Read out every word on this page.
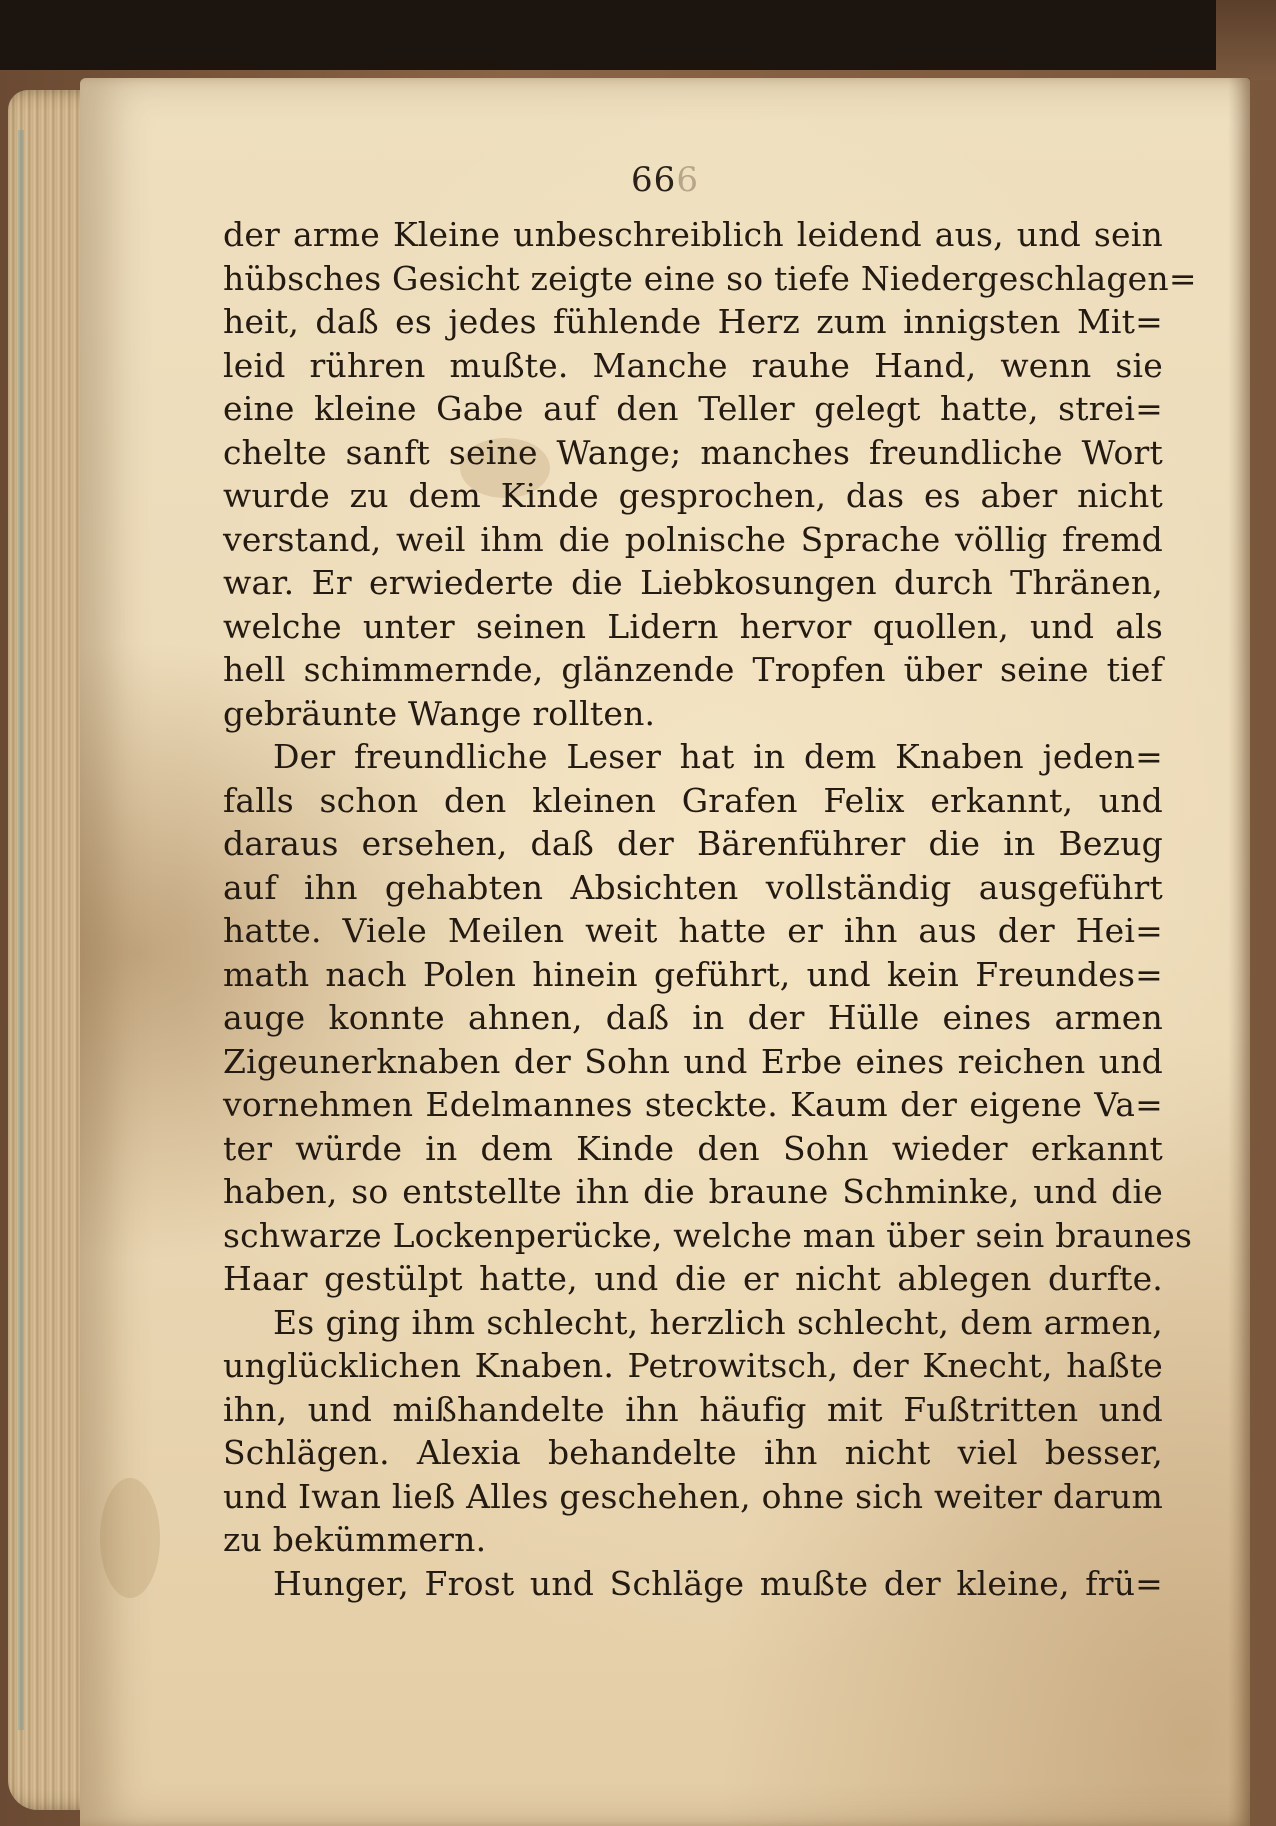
666
der arme Kleine unbeschreiblich leidend aus, und sein
hübsches Gesicht zeigte eine so tiefe Niedergeschlagen=
heit, daß es jedes fühlende Herz zum innigsten Mit=
leid rühren mußte. Manche rauhe Hand, wenn sie
eine kleine Gabe auf den Teller gelegt hatte, strei=
chelte sanft seine Wange; manches freundliche Wort
wurde zu dem Kinde gesprochen, das es aber nicht
verstand, weil ihm die polnische Sprache völlig fremd
war. Er erwiederte die Liebkosungen durch Thränen,
welche unter seinen Lidern hervor quollen, und als
hell schimmernde, glänzende Tropfen über seine tief
gebräunte Wange rollten.
Der freundliche Leser hat in dem Knaben jeden=
falls schon den kleinen Grafen Felix erkannt, und
daraus ersehen, daß der Bärenführer die in Bezug
auf ihn gehabten Absichten vollständig ausgeführt
hatte. Viele Meilen weit hatte er ihn aus der Hei=
math nach Polen hinein geführt, und kein Freundes=
auge konnte ahnen, daß in der Hülle eines armen
Zigeunerknaben der Sohn und Erbe eines reichen und
vornehmen Edelmannes steckte. Kaum der eigene Va=
ter würde in dem Kinde den Sohn wieder erkannt
haben, so entstellte ihn die braune Schminke, und die
schwarze Lockenperücke, welche man über sein braunes
Haar gestülpt hatte, und die er nicht ablegen durfte.
Es ging ihm schlecht, herzlich schlecht, dem armen,
unglücklichen Knaben. Petrowitsch, der Knecht, haßte
ihn, und mißhandelte ihn häufig mit Fußtritten und
Schlägen. Alexia behandelte ihn nicht viel besser,
und Iwan ließ Alles geschehen, ohne sich weiter darum
zu bekümmern.
Hunger, Frost und Schläge mußte der kleine, frü=
